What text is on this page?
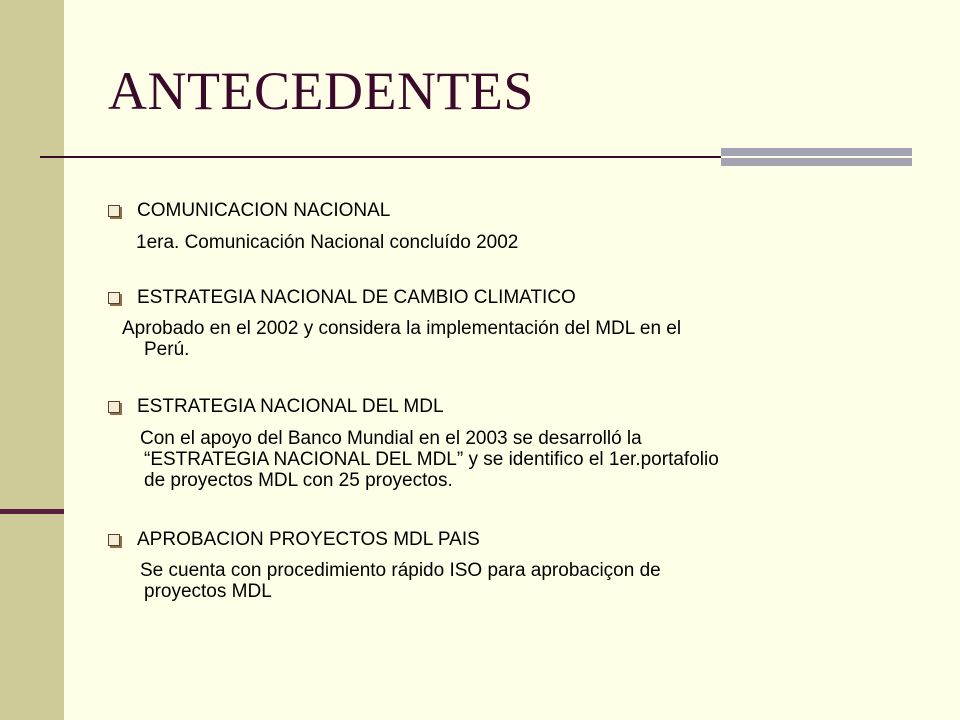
ANTECEDENTES
COMUNICACION NACIONAL
1era. Comunicación Nacional concluído 2002
ESTRATEGIA NACIONAL DE CAMBIO CLIMATICO
Aprobado en el 2002 y considera la implementación del MDL en el
Perú.
ESTRATEGIA NACIONAL DEL MDL
Con el apoyo del Banco Mundial en el 2003 se desarrolló la
“ESTRATEGIA NACIONAL DEL MDL” y se identifico el 1er.portafolio
de proyectos MDL con 25 proyectos.
APROBACION PROYECTOS MDL PAIS
Se cuenta con procedimiento rápido ISO para aprobaciçon de
proyectos MDL
